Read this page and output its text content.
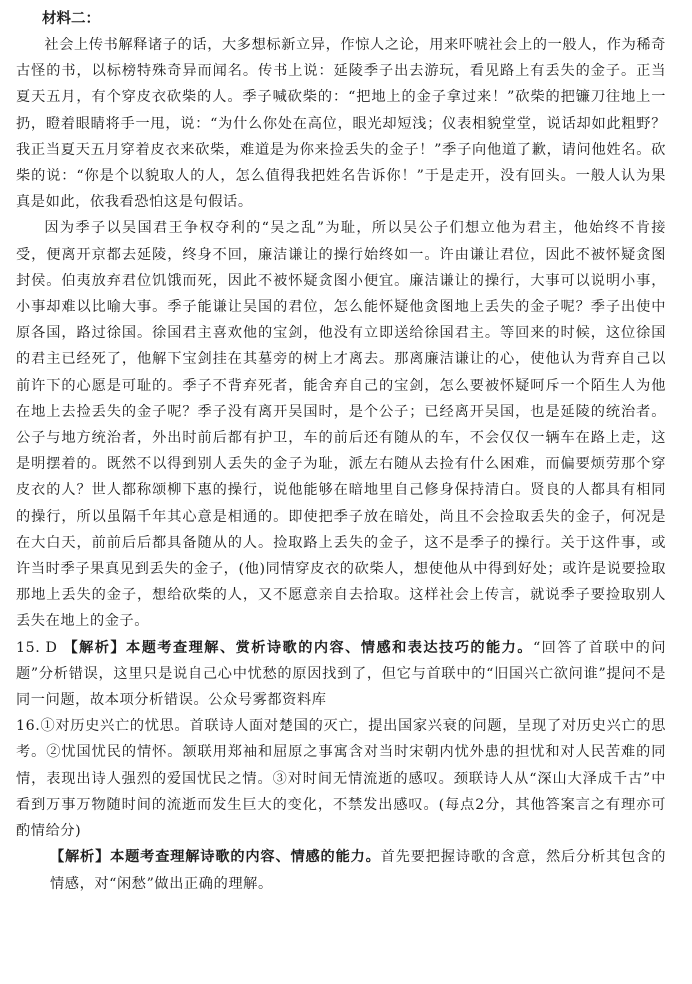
材料二：

社会上传书解释诸子的话，大多想标新立异，作惊人之论，用来吓唬社会上的一般人，作为稀奇古怪的书，以标榜特殊奇异而闻名。传书上说：延陵季子出去游玩，看见路上有丢失的金子。正当夏天五月，有个穿皮衣砍柴的人。季子喊砍柴的：“把地上的金子拿过来！”砍柴的把镰刀往地上一扔，瞪着眼睛将手一甩，说：“为什么你处在高位，眼光却短浅；仪表相貌堂堂，说话却如此粗野？我正当夏天五月穿着皮衣来砍柴，难道是为你来捡丢失的金子！”季子向他道了歉，请问他姓名。砍柴的说：“你是个以貌取人的人，怎么值得我把姓名告诉你！”于是走开，没有回头。一般人认为果真是如此，依我看恐怕这是句假话。

因为季子以吴国君王争权夺利的“吴之乱”为耻，所以吴公子们想立他为君主，他始终不肯接受，便离开京都去延陵，终身不回，廉洁谦让的操行始终如一。许由谦让君位，因此不被怀疑贪图封侯。伯夷放弃君位饥饿而死，因此不被怀疑贪图小便宜。廉洁谦让的操行，大事可以说明小事，小事却难以比喻大事。季子能谦让吴国的君位，怎么能怀疑他贪图地上丢失的金子呢？季子出使中原各国，路过徐国。徐国君主喜欢他的宝剑，他没有立即送给徐国君主。等回来的时候，这位徐国的君主已经死了，他解下宝剑挂在其墓旁的树上才离去。那离廉洁谦让的心，使他认为背弃自己以前许下的心愿是可耻的。季子不背弃死者，能舍弃自己的宝剑，怎么要被怀疑呵斥一个陌生人为他在地上去捡丢失的金子呢？季子没有离开吴国时，是个公子；已经离开吴国，也是延陵的统治者。公子与地方统治者，外出时前后都有护卫，车的前后还有随从的车，不会仅仅一辆车在路上走，这是明摆着的。既然不以得到别人丢失的金子为耻，派左右随从去捡有什么困难，而偏要烦劳那个穿皮衣的人？世人都称颂柳下惠的操行，说他能够在暗地里自己修身保持清白。贤良的人都具有相同的操行，所以虽隔千年其心意是相通的。即使把季子放在暗处，尚且不会捡取丢失的金子，何况是在大白天，前前后后都具备随从的人。捡取路上丢失的金子，这不是季子的操行。关于这件事，或许当时季子果真见到丢失的金子，(他)同情穿皮衣的砍柴人，想使他从中得到好处；或许是说要捡取那地上丢失的金子，想给砍柴的人，又不愿意亲自去拾取。这样社会上传言，就说季子要捡取别人丢失在地上的金子。

15. D 【解析】本题考查理解、赏析诗歌的内容、情感和表达技巧的能力。“回答了首联中的问题”分析错误，这里只是说自己心中忧愁的原因找到了，但它与首联中的“旧国兴亡欲问谁”提问不是同一问题，故本项分析错误。公众号雾都资料库

16.①对历史兴亡的忧思。首联诗人面对楚国的灭亡，提出国家兴衰的问题，呈现了对历史兴亡的思考。②忧国忧民的情怀。颔联用郑袖和屈原之事寓含对当时宋朝内忧外患的担忧和对人民苦难的同情，表现出诗人强烈的爱国忧民之情。③对时间无情流逝的感叹。颈联诗人从“深山大泽成千古”中看到万事万物随时间的流逝而发生巨大的变化，不禁发出感叹。(每点2分，其他答案言之有理亦可酌情给分)

【解析】本题考查理解诗歌的内容、情感的能力。首先要把握诗歌的含意，然后分析其包含的情感，对“闲愁”做出正确的理解。
